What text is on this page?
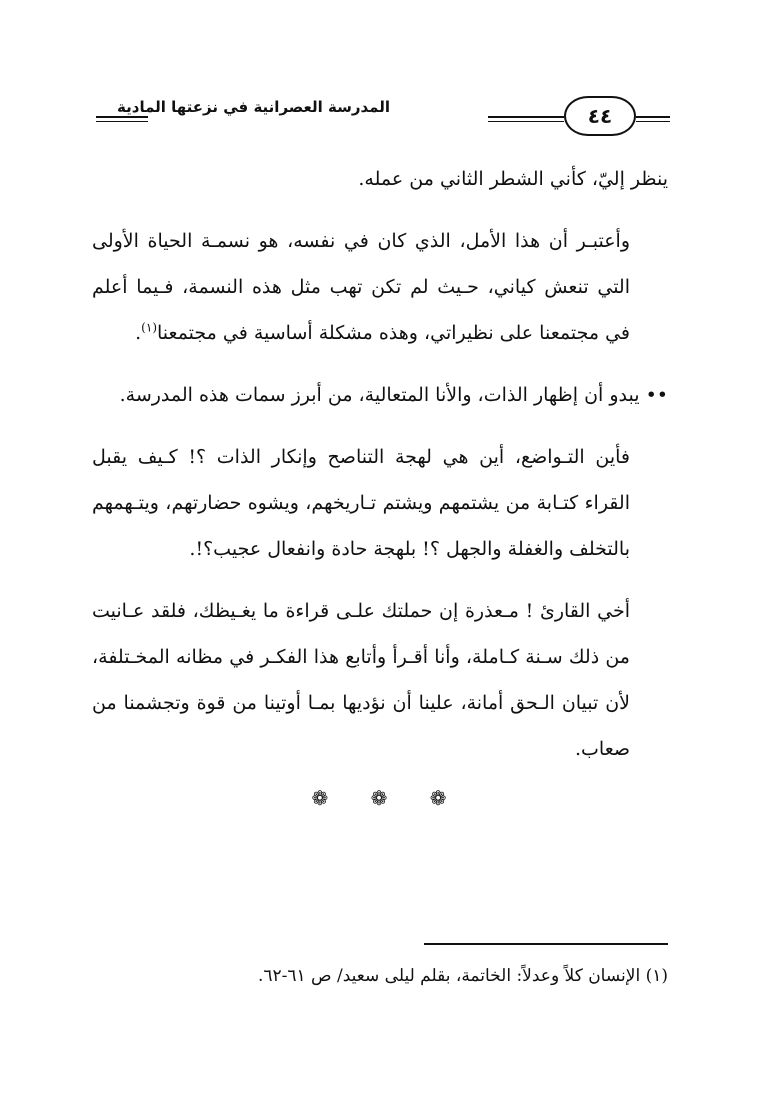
المدرسة العصرانية في نزعتها المادية	٤٤

ينظر إليّ، كأني الشطر الثاني من عمله.

وأعتبـر أن هذا الأمل، الذي كان في نفسه، هو نسمـة الحياة الأولى التي تنعش كياني، حـيث لم تكن تهب مثل هذه النسمة، فـيما أعلم في مجتمعنا على نظيراتي، وهذه مشكلة أساسية في مجتمعنا$^{(١)}$.

•• يبدو أن إظهار الذات، والأنا المتعالية، من أبرز سمات هذه المدرسة.

فأين التـواضع، أين هي لهجة التناصح وإنكار الذات ؟! كـيف يقبل القراء كتـابة من يشتمهم ويشتم تـاريخهم، ويشوه حضارتهم، ويتـهمهم بالتخلف والغفلة والجهل ؟! بلهجة حادة وانفعال عجيب؟!.

أخي القارئ ! مـعذرة إن حملتك علـى قراءة ما يغـيظك، فلقد عـانيت من ذلك سـنة كـاملة، وأنا أقـرأ وأتابع هذا الفكـر في مظانه المخـتلفة، لأن تبيان الـحق أمانة، علينا أن نؤديها بمـا أوتينا من قوة وتجشمنا من صعاب.

❁ ❁ ❁
(١) الإنسان كلاً وعدلاً: الخاتمة، بقلم ليلى سعيد/ ص ٦١-٦٢.
